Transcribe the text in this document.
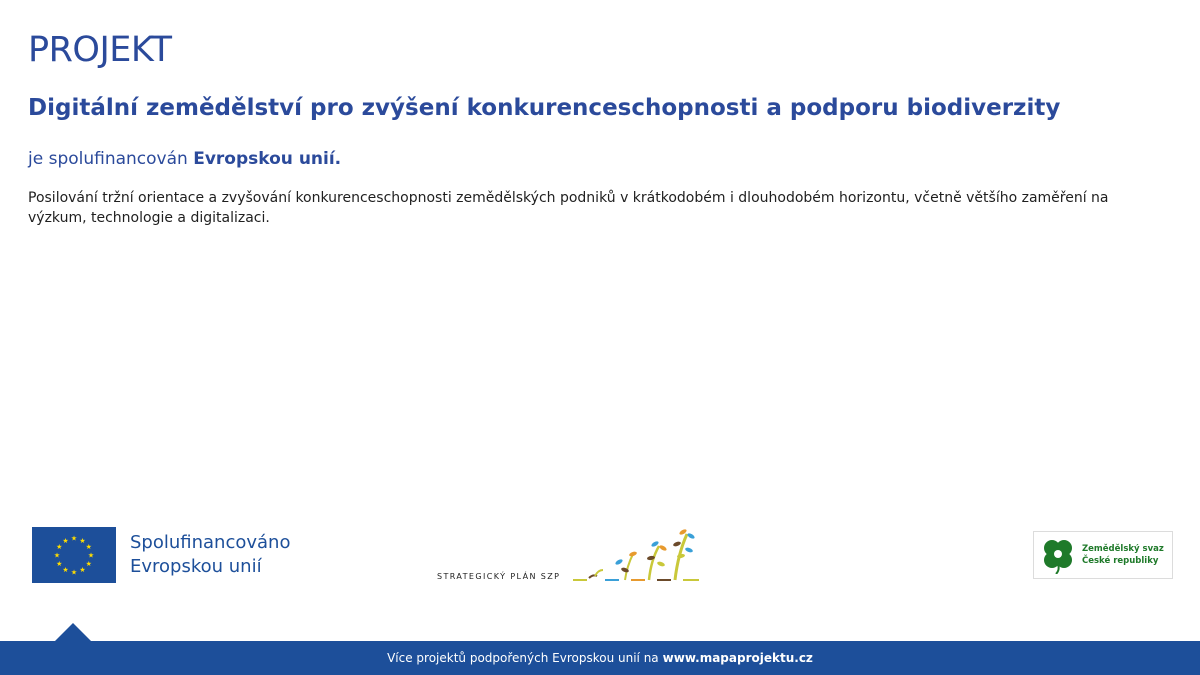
PROJEKT
Digitální zemědělství pro zvýšení konkurenceschopnosti a podporu biodiverzity

je spolufinancován Evropskou unií.

Posilování tržní orientace a zvyšování konkurenceschopnosti zemědělských podniků v krátkodobém i dlouhodobém horizontu, včetně většího zaměření na výzkum, technologie a digitalizaci.

★ ★
★
★
★
★
★
★
★
★
★
★	Spolufinancováno
Evropskou unií	STRATEGICKÝ PLÁN SZP
Zemědělský svaz
České republiky
Více projektů podpořených Evropskou unií na www.mapaprojektu.cz
